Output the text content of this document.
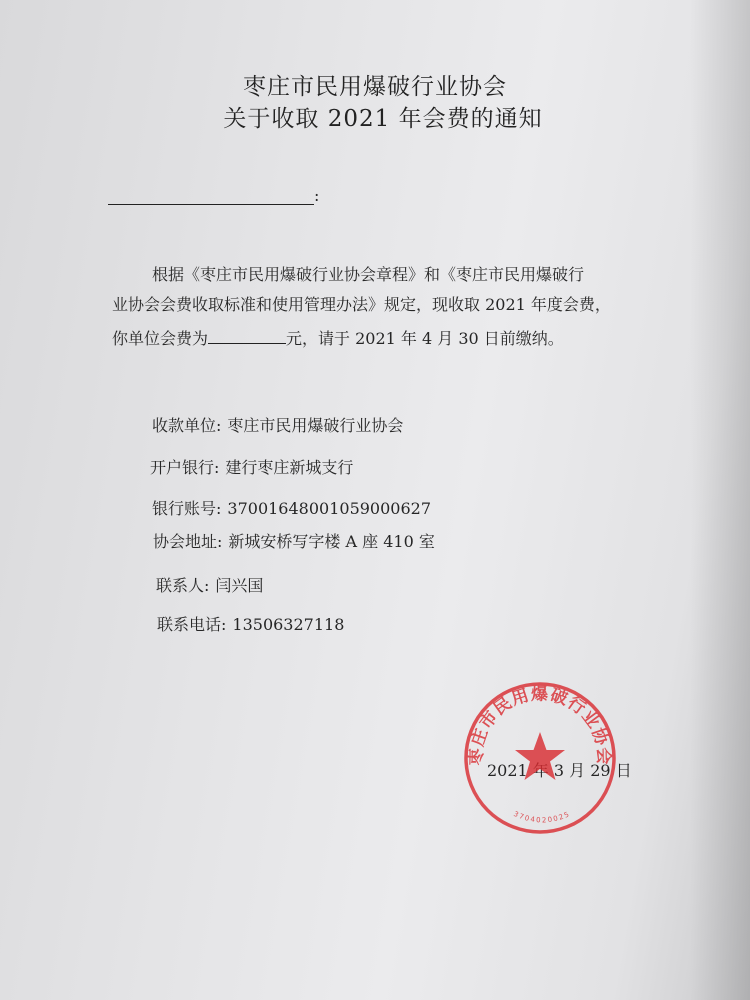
枣庄市民用爆破行业协会
关于收取 2021 年会费的通知
:
根据《枣庄市民用爆破行业协会章程》和《枣庄市民用爆破行
业协会会费收取标准和使用管理办法》规定，现收取 2021 年度会费，
你单位会费为	元，请于 2021 年 4 月 30 日前缴纳。
收款单位: 枣庄市民用爆破行业协会
开户银行: 建行枣庄新城支行
银行账号: 37001648001059000627
协会地址: 新城安桥写字楼 A 座 410 室
联系人: 闫兴国
联系电话: 13506327118
2021 年 3 月 29 日
枣庄市民用爆破行业协会
3704020025
